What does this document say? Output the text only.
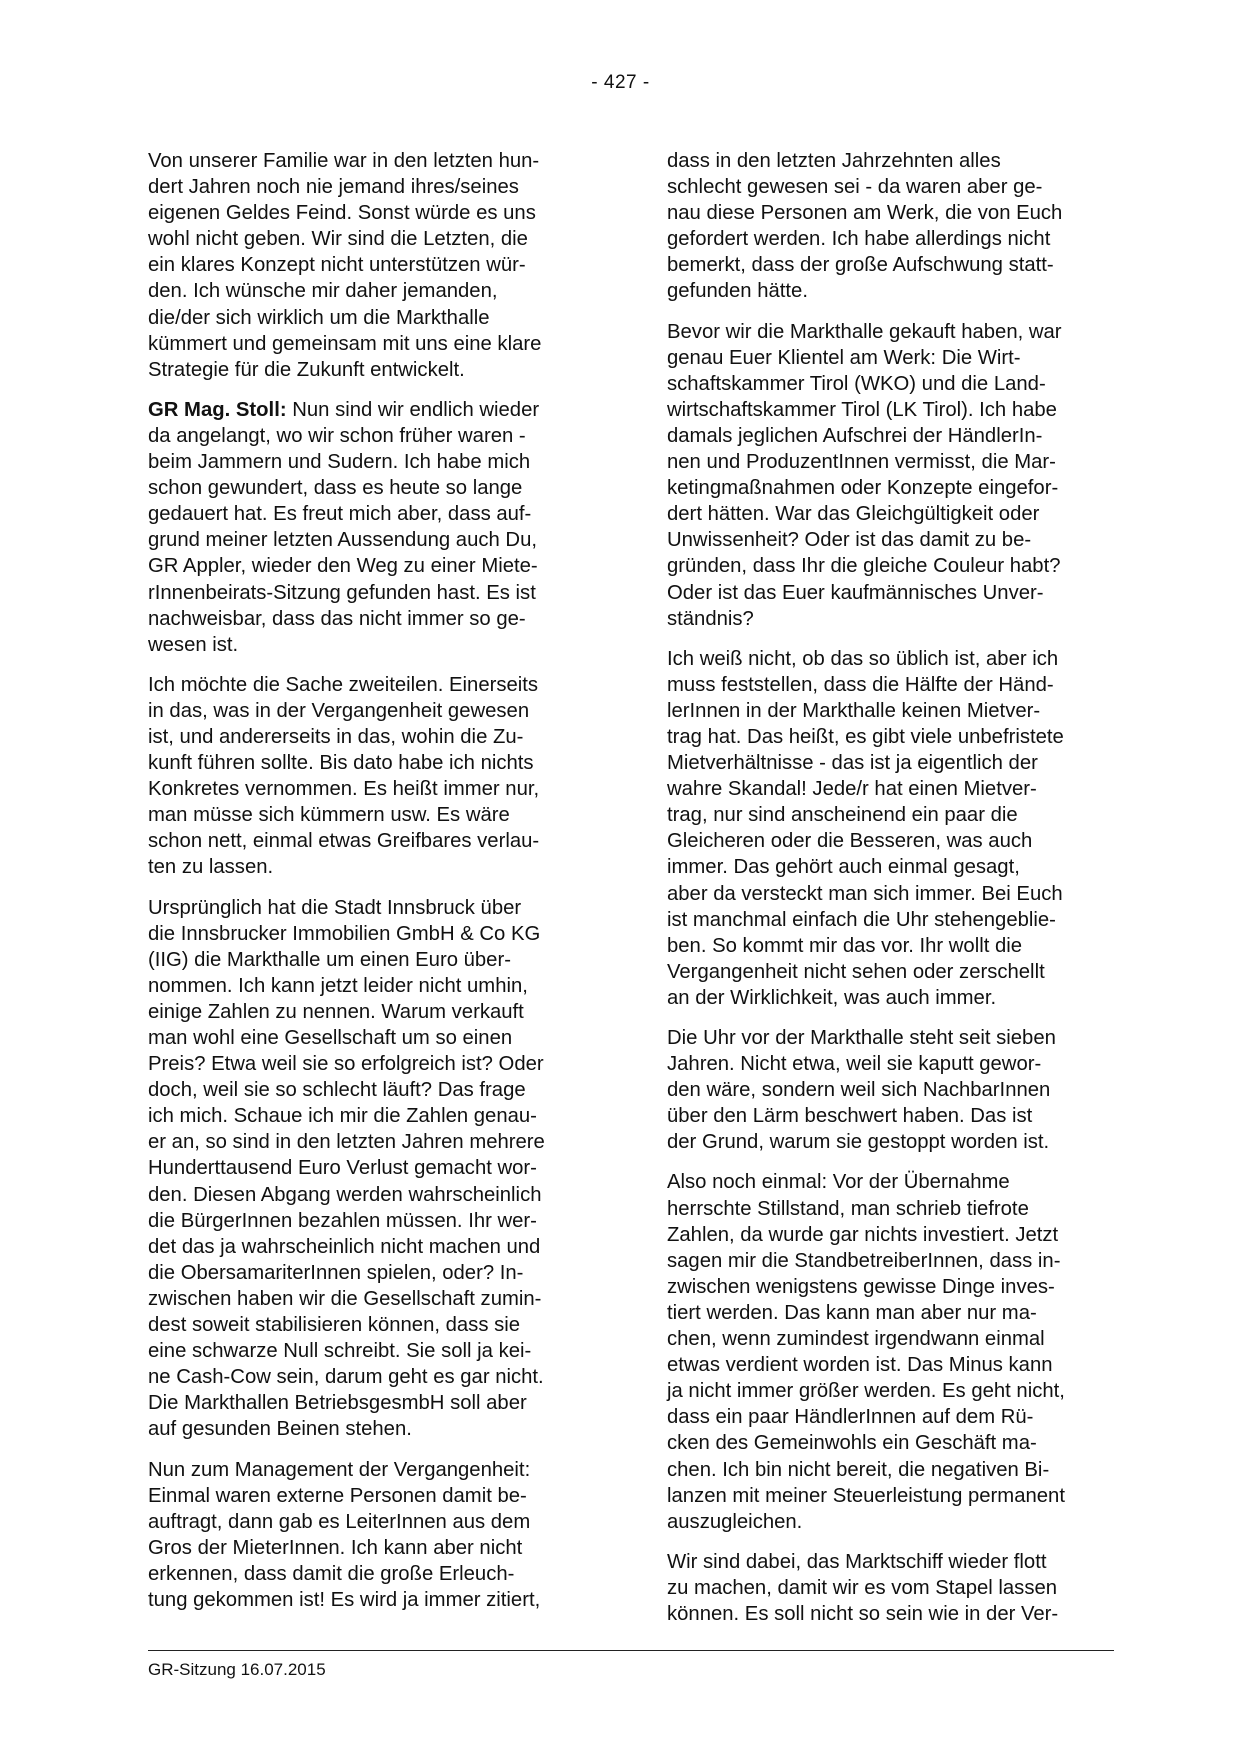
- 427 -

Von unserer Familie war in den letzten hun-
dert Jahren noch nie jemand ihres/seines
eigenen Geldes Feind. Sonst würde es uns
wohl nicht geben. Wir sind die Letzten, die
ein klares Konzept nicht unterstützen wür-
den. Ich wünsche mir daher jemanden,
die/der sich wirklich um die Markthalle
kümmert und gemeinsam mit uns eine klare
Strategie für die Zukunft entwickelt.

GR Mag. Stoll: Nun sind wir endlich wieder
da angelangt, wo wir schon früher waren -
beim Jammern und Sudern. Ich habe mich
schon gewundert, dass es heute so lange
gedauert hat. Es freut mich aber, dass auf-
grund meiner letzten Aussendung auch Du,
GR Appler, wieder den Weg zu einer Miete-
rInnenbeirats-Sitzung gefunden hast. Es ist
nachweisbar, dass das nicht immer so ge-
wesen ist.

Ich möchte die Sache zweiteilen. Einerseits
in das, was in der Vergangenheit gewesen
ist, und andererseits in das, wohin die Zu-
kunft führen sollte. Bis dato habe ich nichts
Konkretes vernommen. Es heißt immer nur,
man müsse sich kümmern usw. Es wäre
schon nett, einmal etwas Greifbares verlau-
ten zu lassen.

Ursprünglich hat die Stadt Innsbruck über
die Innsbrucker Immobilien GmbH & Co KG
(IIG) die Markthalle um einen Euro über-
nommen. Ich kann jetzt leider nicht umhin,
einige Zahlen zu nennen. Warum verkauft
man wohl eine Gesellschaft um so einen
Preis? Etwa weil sie so erfolgreich ist? Oder
doch, weil sie so schlecht läuft? Das frage
ich mich. Schaue ich mir die Zahlen genau-
er an, so sind in den letzten Jahren mehrere
Hunderttausend Euro Verlust gemacht wor-
den. Diesen Abgang werden wahrscheinlich
die BürgerInnen bezahlen müssen. Ihr wer-
det das ja wahrscheinlich nicht machen und
die ObersamariterInnen spielen, oder? In-
zwischen haben wir die Gesellschaft zumin-
dest soweit stabilisieren können, dass sie
eine schwarze Null schreibt. Sie soll ja kei-
ne Cash-Cow sein, darum geht es gar nicht.
Die Markthallen BetriebsgesmbH soll aber
auf gesunden Beinen stehen.

Nun zum Management der Vergangenheit:
Einmal waren externe Personen damit be-
auftragt, dann gab es LeiterInnen aus dem
Gros der MieterInnen. Ich kann aber nicht
erkennen, dass damit die große Erleuch-
tung gekommen ist! Es wird ja immer zitiert,

dass in den letzten Jahrzehnten alles
schlecht gewesen sei - da waren aber ge-
nau diese Personen am Werk, die von Euch
gefordert werden. Ich habe allerdings nicht
bemerkt, dass der große Aufschwung statt-
gefunden hätte.

Bevor wir die Markthalle gekauft haben, war
genau Euer Klientel am Werk: Die Wirt-
schaftskammer Tirol (WKO) und die Land-
wirtschaftskammer Tirol (LK Tirol). Ich habe
damals jeglichen Aufschrei der HändlerIn-
nen und ProduzentInnen vermisst, die Mar-
ketingmaßnahmen oder Konzepte eingefor-
dert hätten. War das Gleichgültigkeit oder
Unwissenheit? Oder ist das damit zu be-
gründen, dass Ihr die gleiche Couleur habt?
Oder ist das Euer kaufmännisches Unver-
ständnis?

Ich weiß nicht, ob das so üblich ist, aber ich
muss feststellen, dass die Hälfte der Händ-
lerInnen in der Markthalle keinen Mietver-
trag hat. Das heißt, es gibt viele unbefristete
Mietverhältnisse - das ist ja eigentlich der
wahre Skandal! Jede/r hat einen Mietver-
trag, nur sind anscheinend ein paar die
Gleicheren oder die Besseren, was auch
immer. Das gehört auch einmal gesagt,
aber da versteckt man sich immer. Bei Euch
ist manchmal einfach die Uhr stehengeblie-
ben. So kommt mir das vor. Ihr wollt die
Vergangenheit nicht sehen oder zerschellt
an der Wirklichkeit, was auch immer.

Die Uhr vor der Markthalle steht seit sieben
Jahren. Nicht etwa, weil sie kaputt gewor-
den wäre, sondern weil sich NachbarInnen
über den Lärm beschwert haben. Das ist
der Grund, warum sie gestoppt worden ist.

Also noch einmal: Vor der Übernahme
herrschte Stillstand, man schrieb tiefrote
Zahlen, da wurde gar nichts investiert. Jetzt
sagen mir die StandbetreiberInnen, dass in-
zwischen wenigstens gewisse Dinge inves-
tiert werden. Das kann man aber nur ma-
chen, wenn zumindest irgendwann einmal
etwas verdient worden ist. Das Minus kann
ja nicht immer größer werden. Es geht nicht,
dass ein paar HändlerInnen auf dem Rü-
cken des Gemeinwohls ein Geschäft ma-
chen. Ich bin nicht bereit, die negativen Bi-
lanzen mit meiner Steuerleistung permanent
auszugleichen.

Wir sind dabei, das Marktschiff wieder flott
zu machen, damit wir es vom Stapel lassen
können. Es soll nicht so sein wie in der Ver-

GR-Sitzung 16.07.2015
